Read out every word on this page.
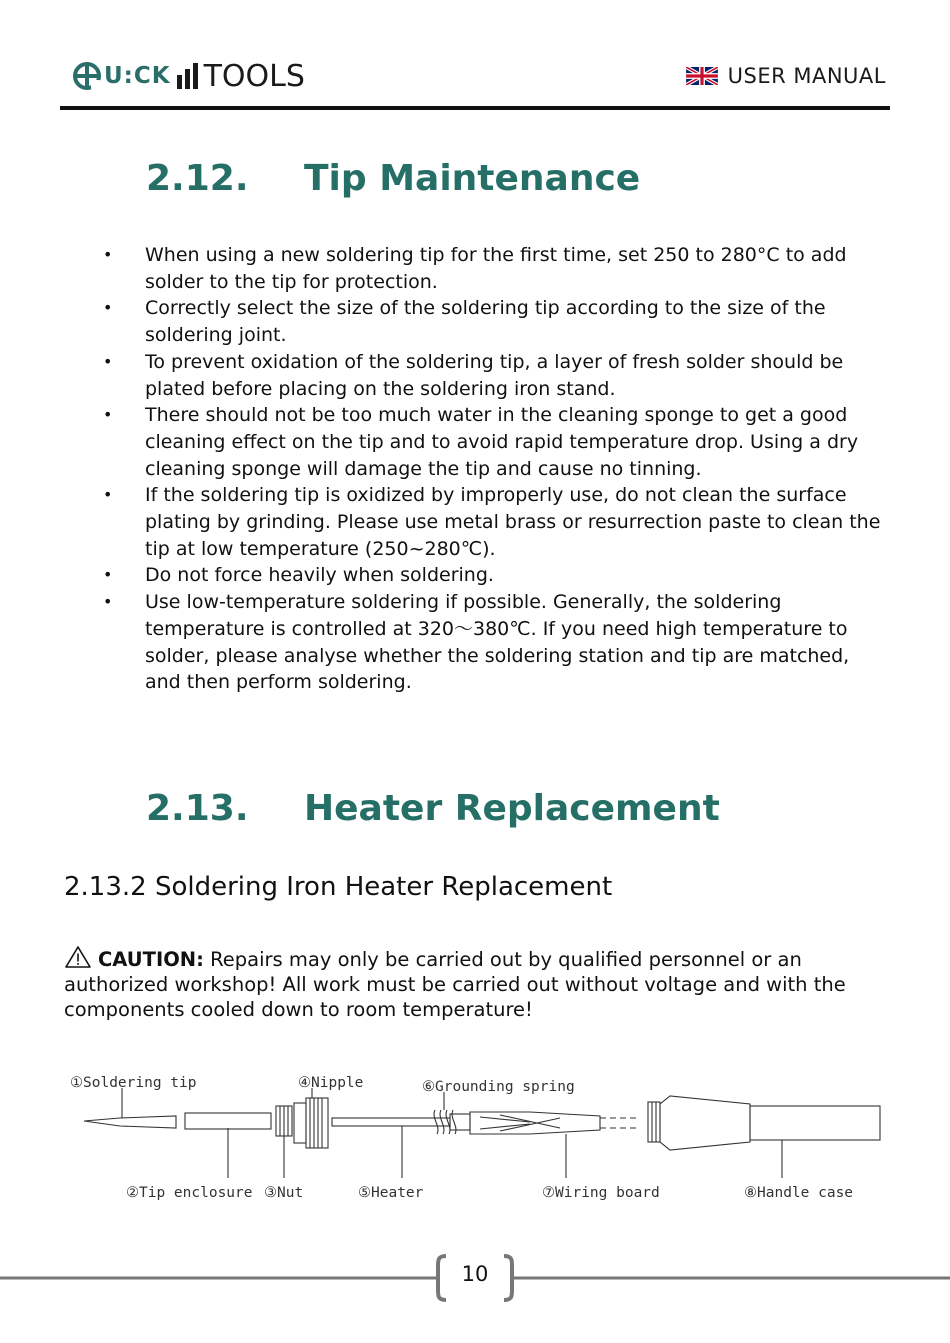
U:CK TOOLS	USER MANUAL
2.12. Tip Maintenance
• When using a new soldering tip for the first time, set 250 to 280°C to add solder to the tip for protection.
• Correctly select the size of the soldering tip according to the size of the soldering joint.
• To prevent oxidation of the soldering tip, a layer of fresh solder should be plated before placing on the soldering iron stand.
• There should not be too much water in the cleaning sponge to get a good cleaning effect on the tip and to avoid rapid temperature drop. Using a dry cleaning sponge will damage the tip and cause no tinning.
• If the soldering tip is oxidized by improperly use, do not clean the surface plating by grinding. Please use metal brass or resurrection paste to clean the tip at low temperature (250~280℃).
• Do not force heavily when soldering.
• Use low-temperature soldering if possible. Generally, the soldering temperature is controlled at 320～380℃. If you need high temperature to solder, please analyse whether the soldering station and tip are matched, and then perform soldering.
2.13. Heater Replacement
2.13.2 Soldering Iron Heater Replacement
CAUTION: Repairs may only be carried out by qualified personnel or an authorized workshop! All work must be carried out without voltage and with the components cooled down to room temperature!
①Soldering tip	④Nipple	⑥Grounding spring
②Tip enclosure ③Nut	⑤Heater	⑦Wiring board	⑧Handle case
10
